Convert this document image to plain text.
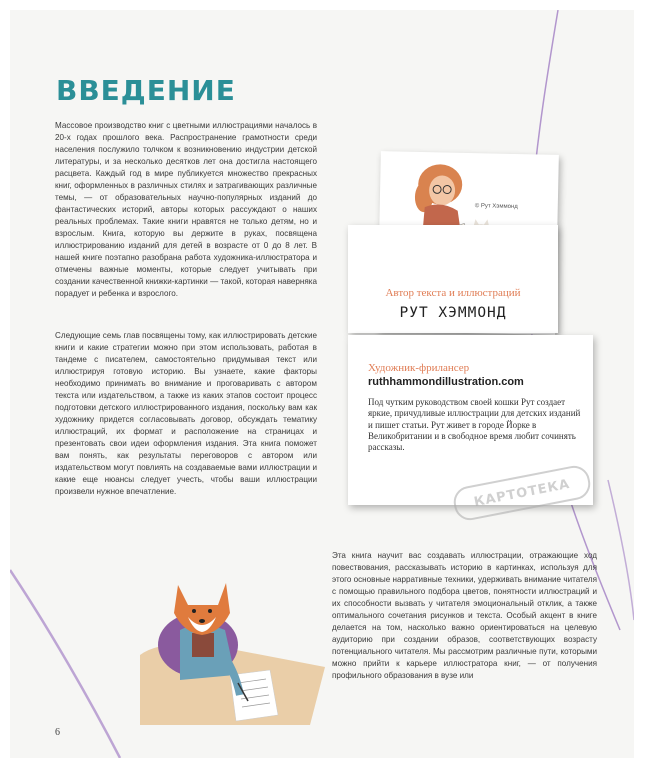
ВВЕДЕНИЕ
Массовое производство книг с цветными иллюстрациями началось в 20-х годах прошлого века. Распространение грамотности среди населения послужило толчком к возникновению индустрии детской литературы, и за несколько десятков лет она достигла настоящего расцвета. Каждый год в мире публикуется множество прекрасных книг, оформленных в различных стилях и затрагивающих различные темы, — от образовательных научно-популярных изданий до фантастических историй, авторы которых рассуждают о наших реальных проблемах. Такие книги нравятся не только детям, но и взрослым. Книга, которую вы держите в руках, посвящена иллюстрированию изданий для детей в возрасте от 0 до 8 лет. В нашей книге поэтапно разобрана работа художника-иллюстратора и отмечены важные моменты, которые следует учитывать при создании качественной книжки-картинки — такой, которая наверняка порадует и ребенка и взрослого.
Следующие семь глав посвящены тому, как иллюстрировать детские книги и какие стратегии можно при этом использовать, работая в тандеме с писателем, самостоятельно придумывая текст или иллюстрируя готовую историю. Вы узнаете, какие факторы необходимо принимать во внимание и проговаривать с автором текста или издательством, а также из каких этапов состоит процесс подготовки детского иллюстрированного издания, поскольку вам как художнику придется согласовывать договор, обсуждать тематику иллюстраций, их формат и расположение на страницах и презентовать свои идеи оформления издания. Эта книга поможет вам понять, как результаты переговоров с автором или издательством могут повлиять на создаваемые вами иллюстрации и какие еще нюансы следует учесть, чтобы ваши иллюстрации произвели нужное впечатление.
Эта книга научит вас создавать иллюстрации, отражающие ход повествования, рассказывать историю в картинках, используя для этого основные нарративные техники, удерживать внимание читателя с помощью правильного подбора цветов, понятности иллюстраций и их способности вызвать у читателя эмоциональный отклик, а также оптимального сочетания рисунков и текста. Особый акцент в книге делается на том, насколько важно ориентироваться на целевую аудиторию при создании образов, соответствующих возрасту потенциального читателя. Мы рассмотрим различные пути, которыми можно прийти к карьере иллюстратора книг, — от получения профильного образования в вузе или
© Рут Хэммонд
Автор текста и иллюстраций
РУТ ХЭММОНД
Художник-фрилансер
ruthhammondillustration.com
Под чутким руководством своей кошки Рут создает яркие, причудливые иллюстрации для детских изданий и пишет статьи. Рут живет в городе Йорке в Великобритании и в свободное время любит сочинять рассказы.
КАРТОТЕКА
6
